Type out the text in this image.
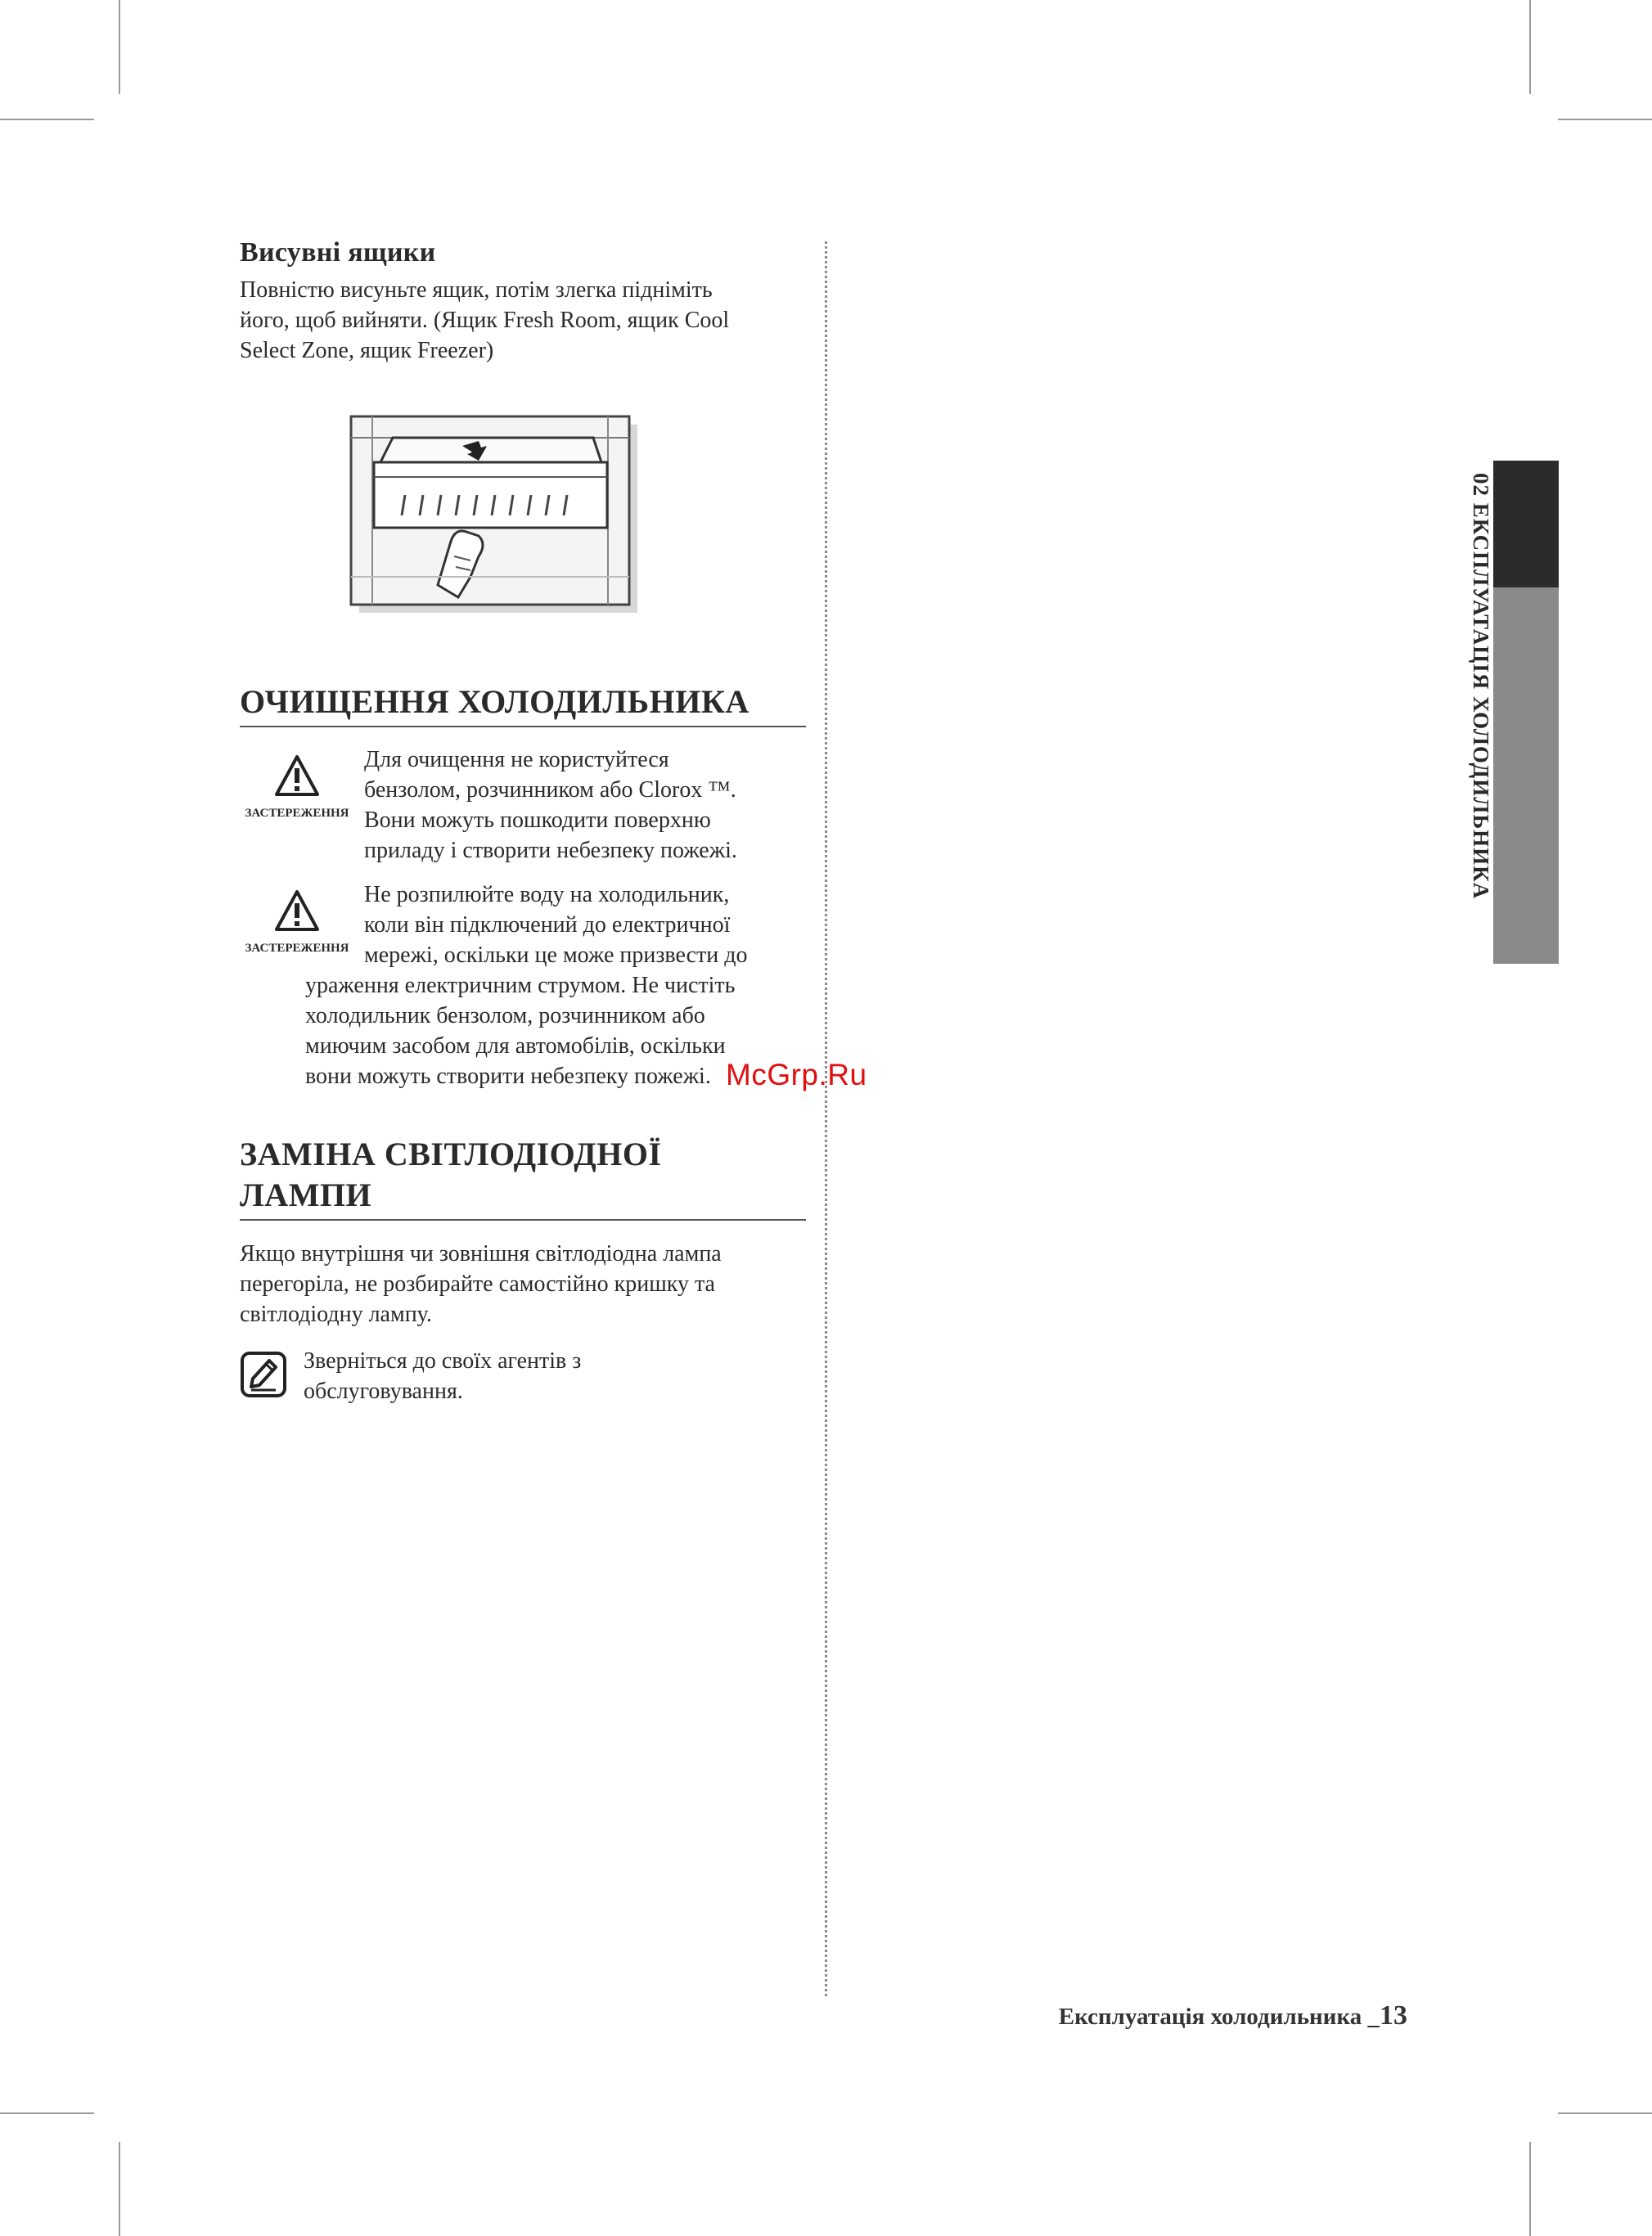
Висувні ящики

Повністю висуньте ящик, потім злегка підніміть

його, щоб вийняти. (Ящик Fresh Room, ящик Cool

Select Zone, ящик Freezer)

ОЧИЩЕННЯ ХОЛОДИЛЬНИКА
ЗАСТЕРЕЖЕННЯ
Для очищення не користуйтеся
бензолом, розчинником або Clorox ™.
Вони можуть пошкодити поверхню
приладу і створити небезпеку пожежі.
ЗАСТЕРЕЖЕННЯ
Не розпилюйте воду на холодильник,
коли він підключений до електричної
мережі, оскільки це може призвести до
ураження електричним струмом. Не чистіть
холодильник бензолом, розчинником або
миючим засобом для автомобілів, оскільки
вони можуть створити небезпеку пожежі.
ЗАМІНА СВІТЛОДІОДНОЇ
ЛАМПИ

Якщо внутрішня чи зовнішня світлодіодна лампа

перегоріла, не розбирайте самостійно кришку та

світлодіодну лампу.

Зверніться до своїх агентів з
обслуговування.
McGrp.Ru
02 ЕКСПЛУАТАЦІЯ ХОЛОДИЛЬНИКА
Експлуатація холодильника _13
